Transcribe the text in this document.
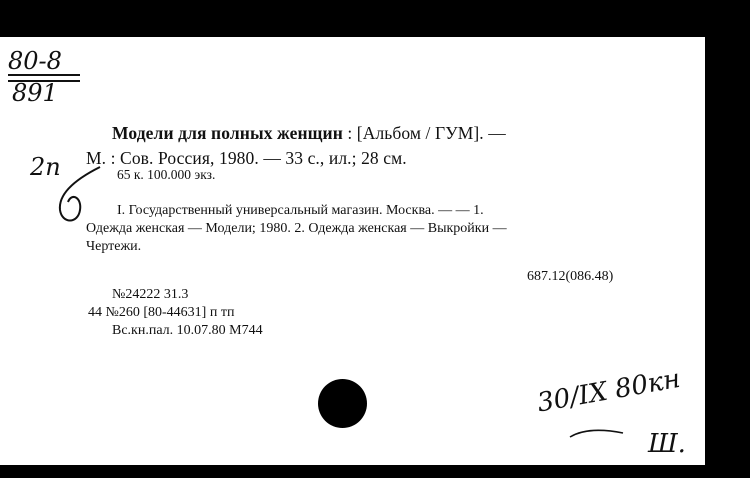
80-8
891
Модели для полных женщин : [Альбом / ГУМ]. —
М. : Сов. Россия, 1980. — 33 с., ил.; 28 см.
65 к. 100.000 экз.
2п
I. Государственный универсальный магазин. Москва. — — 1.
Одежда женская — Модели; 1980. 2. Одежда женская — Выкройки —
Чертежи.
687.12(086.48)
№24222 31.3
44 №260 [80-44631] п тп
Вс.кн.пал. 10.07.80 М744
30/IX 80кн
Ш.
